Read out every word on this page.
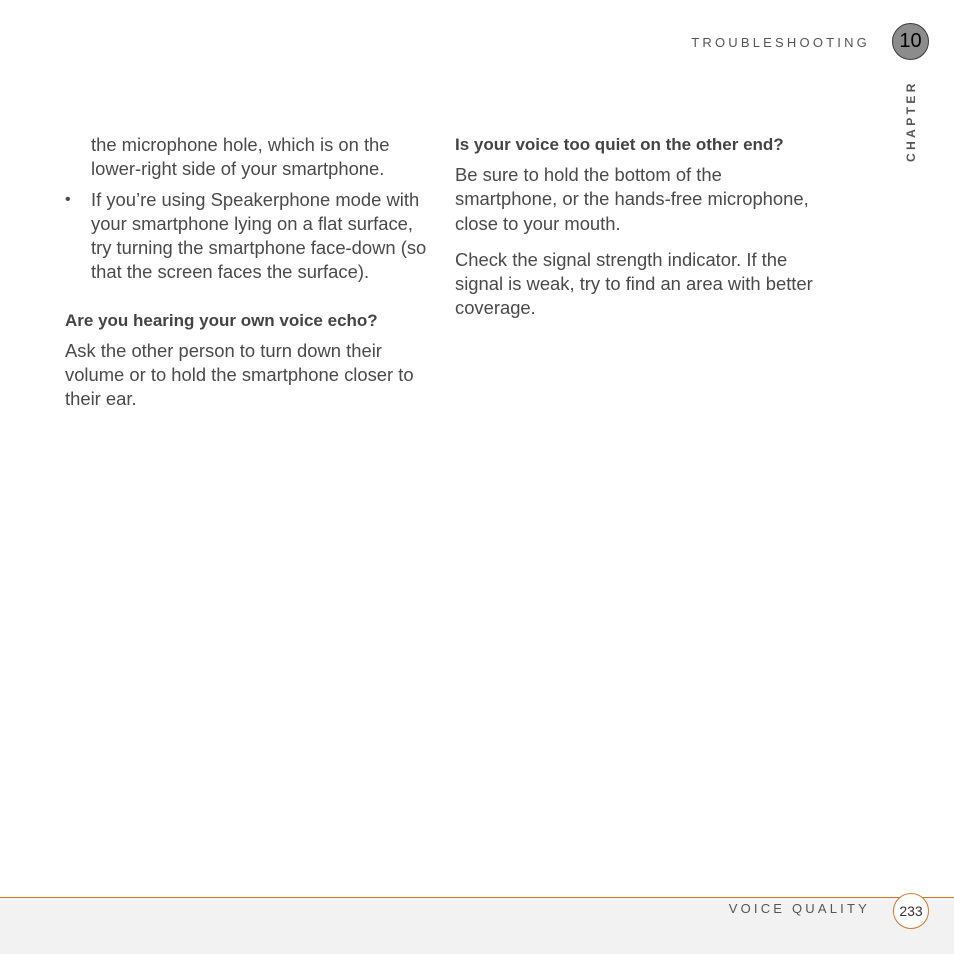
TROUBLESHOOTING	10
CHAPTER

the microphone hole, which is on the lower-right side of your smartphone.

• If you’re using Speakerphone mode with your smartphone lying on a flat surface, try turning the smartphone face-down (so that the screen faces the surface).

Are you hearing your own voice echo?

Ask the other person to turn down their volume or to hold the smartphone closer to their ear.

Is your voice too quiet on the other end?

Be sure to hold the bottom of the smartphone, or the hands-free microphone, close to your mouth.

Check the signal strength indicator. If the signal is weak, try to find an area with better coverage.

VOICE QUALITY	233
